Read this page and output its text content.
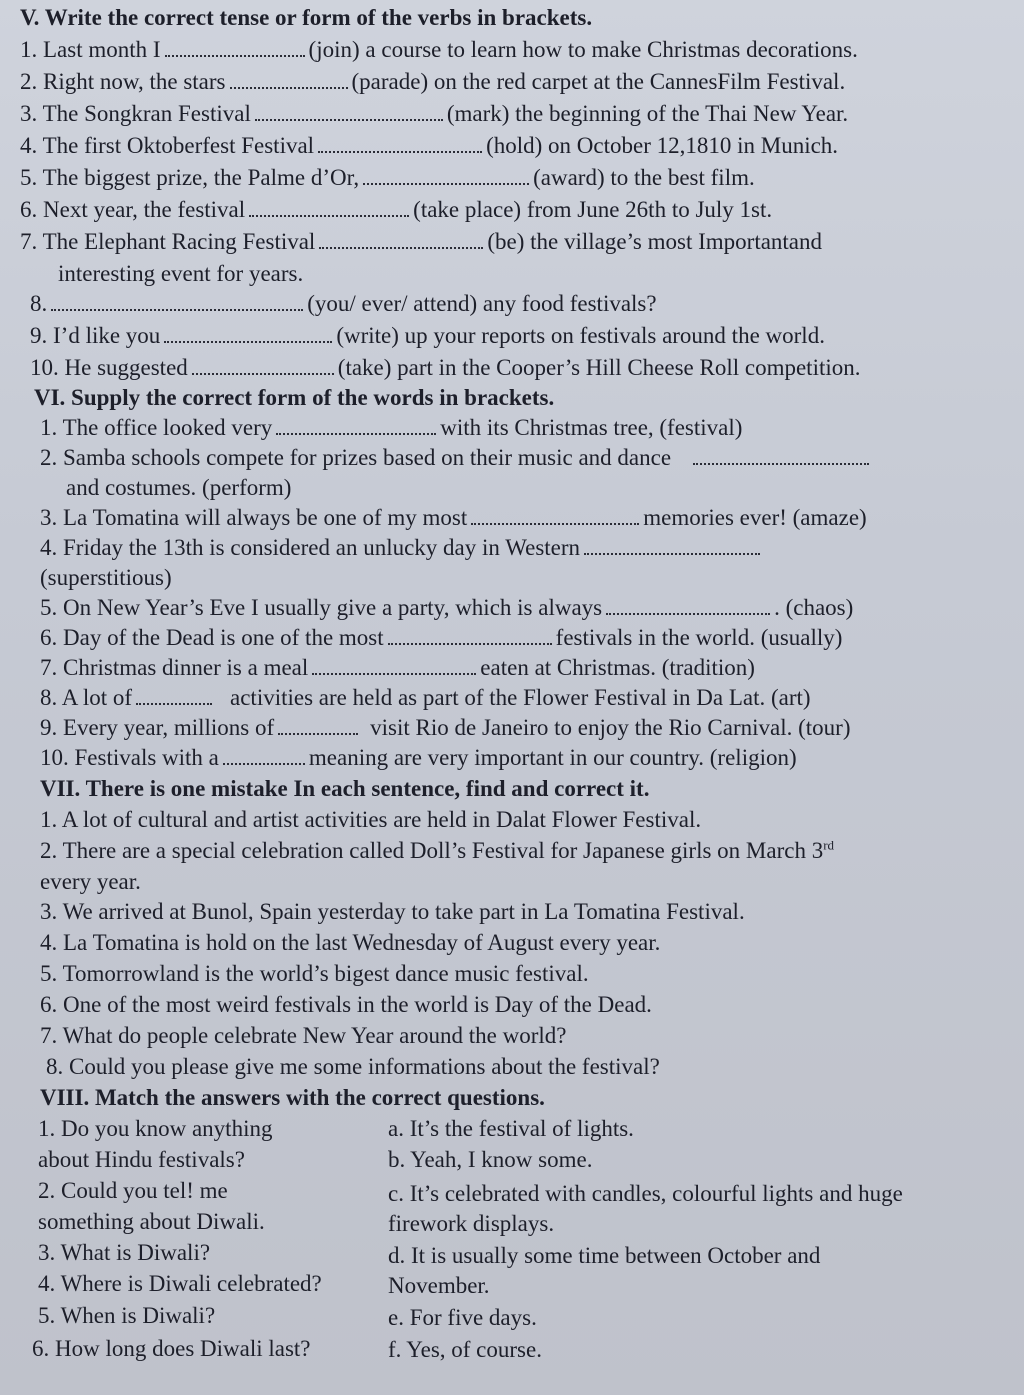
V. Write the correct tense or form of the verbs in brackets.
1. Last month I	(join) a course to learn how to make Christmas decorations.
2. Right now, the stars	(parade) on the red carpet at the CannesFilm Festival.
3. The Songkran Festival	(mark) the beginning of the Thai New Year.
4. The first Oktoberfest Festival	(hold) on October 12,1810 in Munich.
5. The biggest prize, the Palme d’Or,	(award) to the best film.
6. Next year, the festival	(take place) from June 26th to July 1st.
7. The Elephant Racing Festival	(be) the village’s most Importantand
interesting event for years.
8.	(you/ ever/ attend) any food festivals?
9. I’d like you	(write) up your reports on festivals around the world.
10. He suggested	(take) part in the Cooper’s Hill Cheese Roll competition.
VI. Supply the correct form of the words in brackets.
1. The office looked very	with its Christmas tree, (festival)
2. Samba schools compete for prizes based on their music and dance
and costumes. (perform)
3. La Tomatina will always be one of my most	memories ever! (amaze)
4. Friday the 13th is considered an unlucky day in Western
(superstitious)
5. On New Year’s Eve I usually give a party, which is always	. (chaos)
6. Day of the Dead is one of the most	festivals in the world. (usually)
7. Christmas dinner is a meal	eaten at Christmas. (tradition)
8. A lot of	activities are held as part of the Flower Festival in Da Lat. (art)
9. Every year, millions of	visit Rio de Janeiro to enjoy the Rio Carnival. (tour)
10. Festivals with a	meaning are very important in our country. (religion)
VII. There is one mistake In each sentence, find and correct it.
1. A lot of cultural and artist activities are held in Dalat Flower Festival.
2. There are a special celebration called Doll’s Festival for Japanese girls on March 3rd
every year.
3. We arrived at Bunol, Spain yesterday to take part in La Tomatina Festival.
4. La Tomatina is hold on the last Wednesday of August every year.
5. Tomorrowland is the world’s bigest dance music festival.
6. One of the most weird festivals in the world is Day of the Dead.
7. What do people celebrate New Year around the world?
8. Could you please give me some informations about the festival?
VIII. Match the answers with the correct questions.
1. Do you know anything
about Hindu festivals?
2. Could you tel! me
something about Diwali.
3. What is Diwali?
4. Where is Diwali celebrated?
5. When is Diwali?
6. How long does Diwali last?
a. It’s the festival of lights.
b. Yeah, I know some.
c. It’s celebrated with candles, colourful lights and huge
firework displays.
d. It is usually some time between October and
November.
e. For five days.
f. Yes, of course.
